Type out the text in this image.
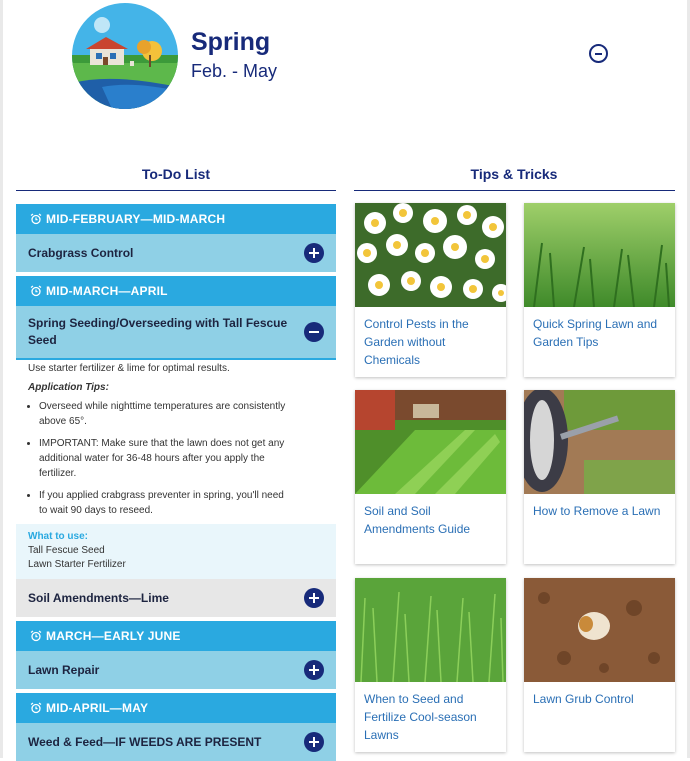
Spring
Feb. - May
To-Do List	Tips & Tricks
MID-FEBRUARY—MID-MARCH
Crabgrass Control
MID-MARCH—APRIL
Spring Seeding/Overseeding with Tall Fescue Seed

Use starter fertilizer & lime for optimal results.

Application Tips:
• Overseed while nighttime temperatures are consistently above 65°.
• IMPORTANT: Make sure that the lawn does not get any additional water for 36-48 hours after you apply the fertilizer.
• If you applied crabgrass preventer in spring, you'll need to wait 90 days to reseed.
What to use:
Tall Fescue Seed
Lawn Starter Fertilizer
Soil Amendments—Lime
MARCH—EARLY JUNE
Lawn Repair
MID-APRIL—MAY
Weed & Feed—IF WEEDS ARE PRESENT
Control Pests in the Garden without Chemicals
Quick Spring Lawn and Garden Tips
Soil and Soil Amendments Guide
How to Remove a Lawn
When to Seed and Fertilize Cool-season Lawns
Lawn Grub Control
